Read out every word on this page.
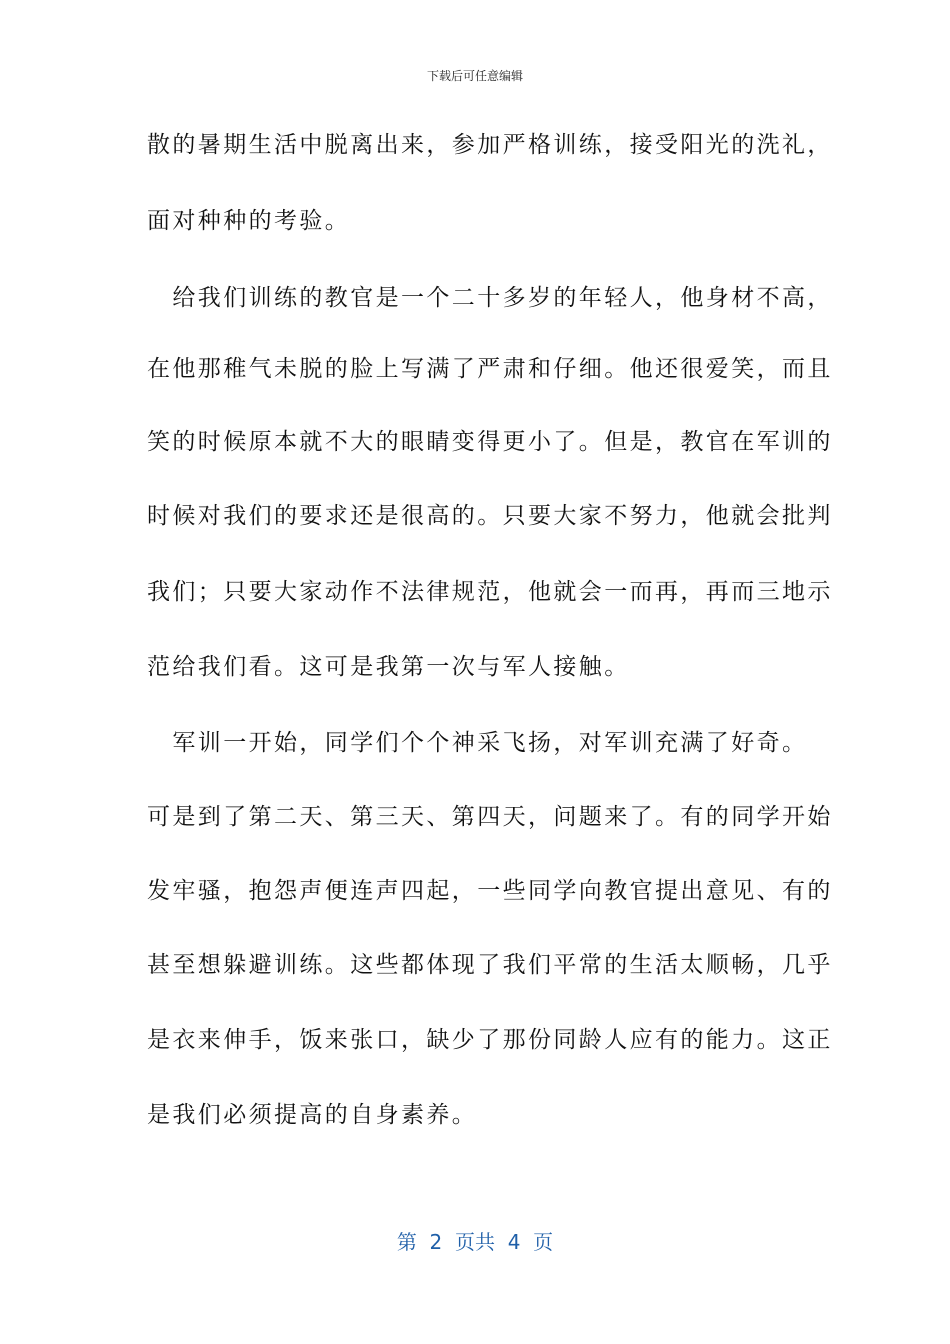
下载后可任意编辑
散的暑期生活中脱离出来，参加严格训练，接受阳光的洗礼，
面对种种的考验。
　给我们训练的教官是一个二十多岁的年轻人，他身材不高，
在他那稚气未脱的脸上写满了严肃和仔细。他还很爱笑，而且
笑的时候原本就不大的眼睛变得更小了。但是，教官在军训的
时候对我们的要求还是很高的。只要大家不努力，他就会批判
我们；只要大家动作不法律规范，他就会一而再，再而三地示
范给我们看。这可是我第一次与军人接触。
　军训一开始，同学们个个神采飞扬，对军训充满了好奇。
可是到了第二天、第三天、第四天，问题来了。有的同学开始
发牢骚，抱怨声便连声四起，一些同学向教官提出意见、有的
甚至想躲避训练。这些都体现了我们平常的生活太顺畅，几乎
是衣来伸手，饭来张口，缺少了那份同龄人应有的能力。这正
是我们必须提高的自身素养。
第  2  页共  4  页
